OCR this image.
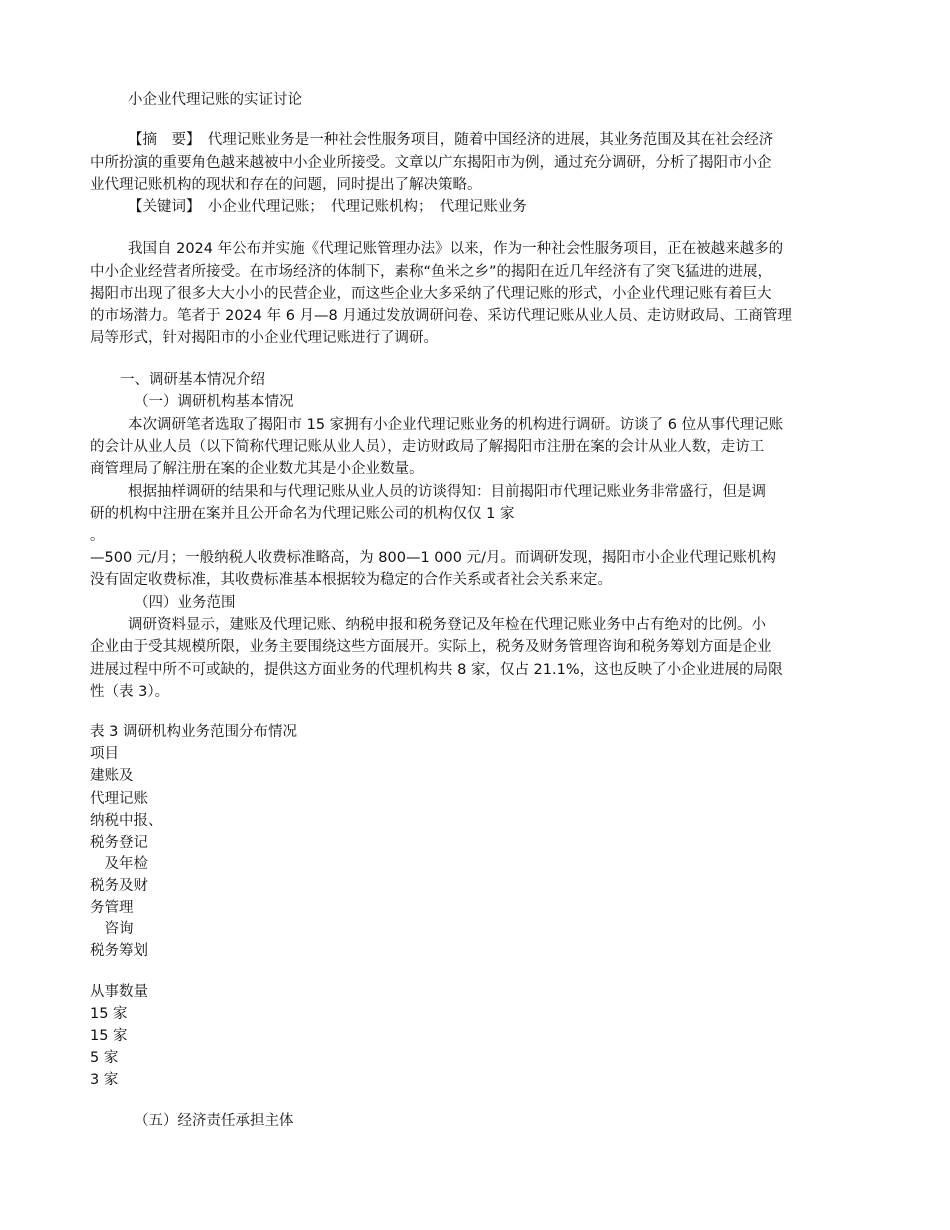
小企业代理记账的实证讨论
【摘　要】　代理记账业务是一种社会性服务项目，随着中国经济的进展，其业务范围及其在社会经济
中所扮演的重要角色越来越被中小企业所接受。文章以广东揭阳市为例，通过充分调研，分析了揭阳市小企
业代理记账机构的现状和存在的问题，同时提出了解决策略。
【关键词】　小企业代理记账；　代理记账机构；　代理记账业务
我国自 2024 年公布并实施《代理记账管理办法》以来，作为一种社会性服务项目，正在被越来越多的
中小企业经营者所接受。在市场经济的体制下，素称“鱼米之乡”的揭阳在近几年经济有了突飞猛进的进展，
揭阳市出现了很多大大小小的民营企业，而这些企业大多采纳了代理记账的形式，小企业代理记账有着巨大
的市场潜力。笔者于 2024 年 6 月—8 月通过发放调研问卷、采访代理记账从业人员、走访财政局、工商管理
局等形式，针对揭阳市的小企业代理记账进行了调研。
一、调研基本情况介绍
（一）调研机构基本情况
本次调研笔者选取了揭阳市 15 家拥有小企业代理记账业务的机构进行调研。访谈了 6 位从事代理记账
的会计从业人员（以下简称代理记账从业人员），走访财政局了解揭阳市注册在案的会计从业人数，走访工
商管理局了解注册在案的企业数尤其是小企业数量。
根据抽样调研的结果和与代理记账从业人员的访谈得知：目前揭阳市代理记账业务非常盛行，但是调
研的机构中注册在案并且公开命名为代理记账公司的机构仅仅 1 家
。
—500 元/月；一般纳税人收费标准略高，为 800—1 000 元/月。而调研发现，揭阳市小企业代理记账机构
没有固定收费标准，其收费标准基本根据较为稳定的合作关系或者社会关系来定。
（四）业务范围
调研资料显示，建账及代理记账、纳税申报和税务登记及年检在代理记账业务中占有绝对的比例。小
企业由于受其规模所限，业务主要围绕这些方面展开。实际上，税务及财务管理咨询和税务筹划方面是企业
进展过程中所不可或缺的，提供这方面业务的代理机构共 8 家，仅占 21.1%，这也反映了小企业进展的局限
性（表 3）。
表 3 调研机构业务范围分布情况
项目
建账及
代理记账
纳税中报、
税务登记
　及年检
税务及财
务管理
　咨询
税务筹划
从事数量
15 家
15 家
5 家
3 家
（五）经济责任承担主体
